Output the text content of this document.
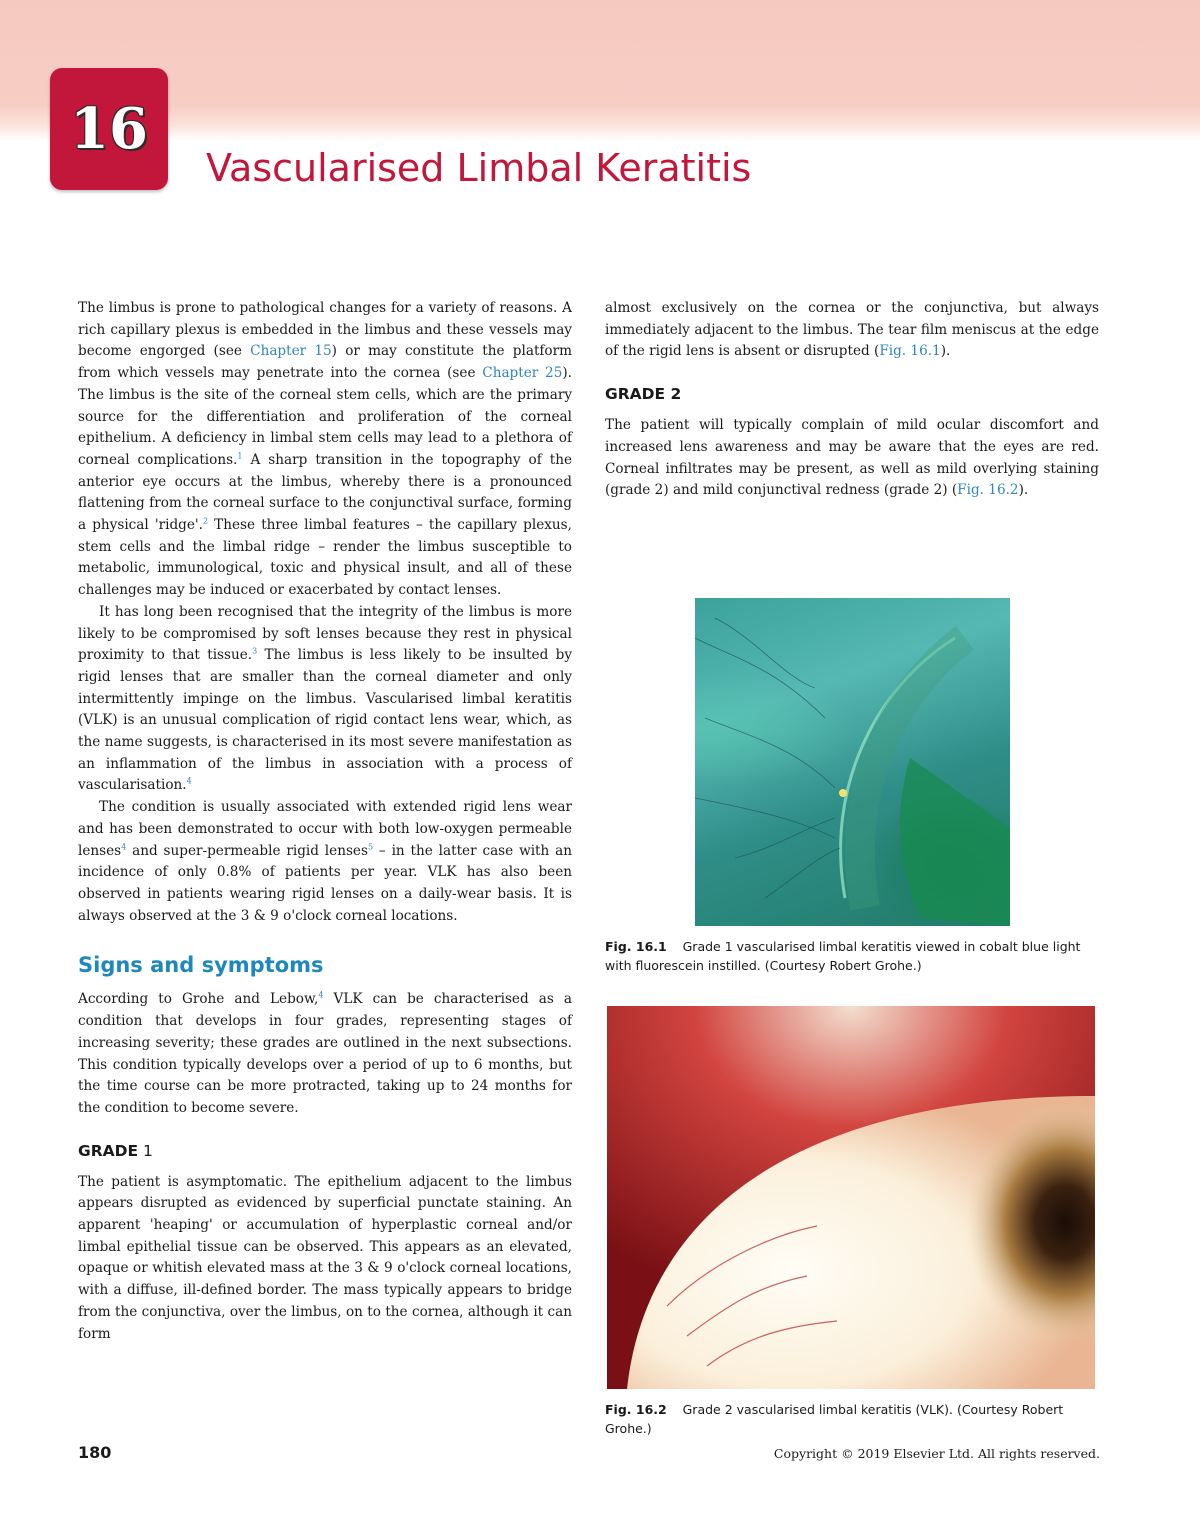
16
Vascularised Limbal Keratitis

The limbus is prone to pathological changes for a variety of reasons. A rich capillary plexus is embedded in the limbus and these vessels may become engorged (see Chapter 15) or may constitute the platform from which vessels may penetrate into the cornea (see Chapter 25). The limbus is the site of the corneal stem cells, which are the primary source for the differentiation and proliferation of the corneal epithelium. A deficiency in limbal stem cells may lead to a plethora of corneal complications.$^1$ A sharp transition in the topography of the anterior eye occurs at the limbus, whereby there is a pronounced flattening from the corneal surface to the conjunctival surface, forming a physical 'ridge'.$^2$ These three limbal features – the capillary plexus, stem cells and the limbal ridge – render the limbus susceptible to metabolic, immunological, toxic and physical insult, and all of these challenges may be induced or exacerbated by contact lenses.

It has long been recognised that the integrity of the limbus is more likely to be compromised by soft lenses because they rest in physical proximity to that tissue.$^3$ The limbus is less likely to be insulted by rigid lenses that are smaller than the corneal diameter and only intermittently impinge on the limbus. Vascularised limbal keratitis (VLK) is an unusual complication of rigid contact lens wear, which, as the name suggests, is characterised in its most severe manifestation as an inflammation of the limbus in association with a process of vascularisation.$^4$

The condition is usually associated with extended rigid lens wear and has been demonstrated to occur with both low-oxygen permeable lenses$^4$ and super-permeable rigid lenses$^5$ – in the latter case with an incidence of only 0.8% of patients per year. VLK has also been observed in patients wearing rigid lenses on a daily-wear basis. It is always observed at the 3 & 9 o'clock corneal locations.

Signs and symptoms

According to Grohe and Lebow,$^4$ VLK can be characterised as a condition that develops in four grades, representing stages of increasing severity; these grades are outlined in the next subsections. This condition typically develops over a period of up to 6 months, but the time course can be more protracted, taking up to 24 months for the condition to become severe.

GRADE 1

The patient is asymptomatic. The epithelium adjacent to the limbus appears disrupted as evidenced by superficial punctate staining. An apparent 'heaping' or accumulation of hyperplastic corneal and/or limbal epithelial tissue can be observed. This appears as an elevated, opaque or whitish elevated mass at the 3 & 9 o'clock corneal locations, with a diffuse, ill-defined border. The mass typically appears to bridge from the conjunctiva, over the limbus, on to the cornea, although it can form

almost exclusively on the cornea or the conjunctiva, but always immediately adjacent to the limbus. The tear film meniscus at the edge of the rigid lens is absent or disrupted (Fig. 16.1).

GRADE 2

The patient will typically complain of mild ocular discomfort and increased lens awareness and may be aware that the eyes are red. Corneal infiltrates may be present, as well as mild overlying staining (grade 2) and mild conjunctival redness (grade 2) (Fig. 16.2).

Fig. 16.1 Grade 1 vascularised limbal keratitis viewed in cobalt blue light with fluorescein instilled. (Courtesy Robert Grohe.)
Fig. 16.2 Grade 2 vascularised limbal keratitis (VLK). (Courtesy Robert Grohe.)
180	Copyright © 2019 Elsevier Ltd. All rights reserved.
